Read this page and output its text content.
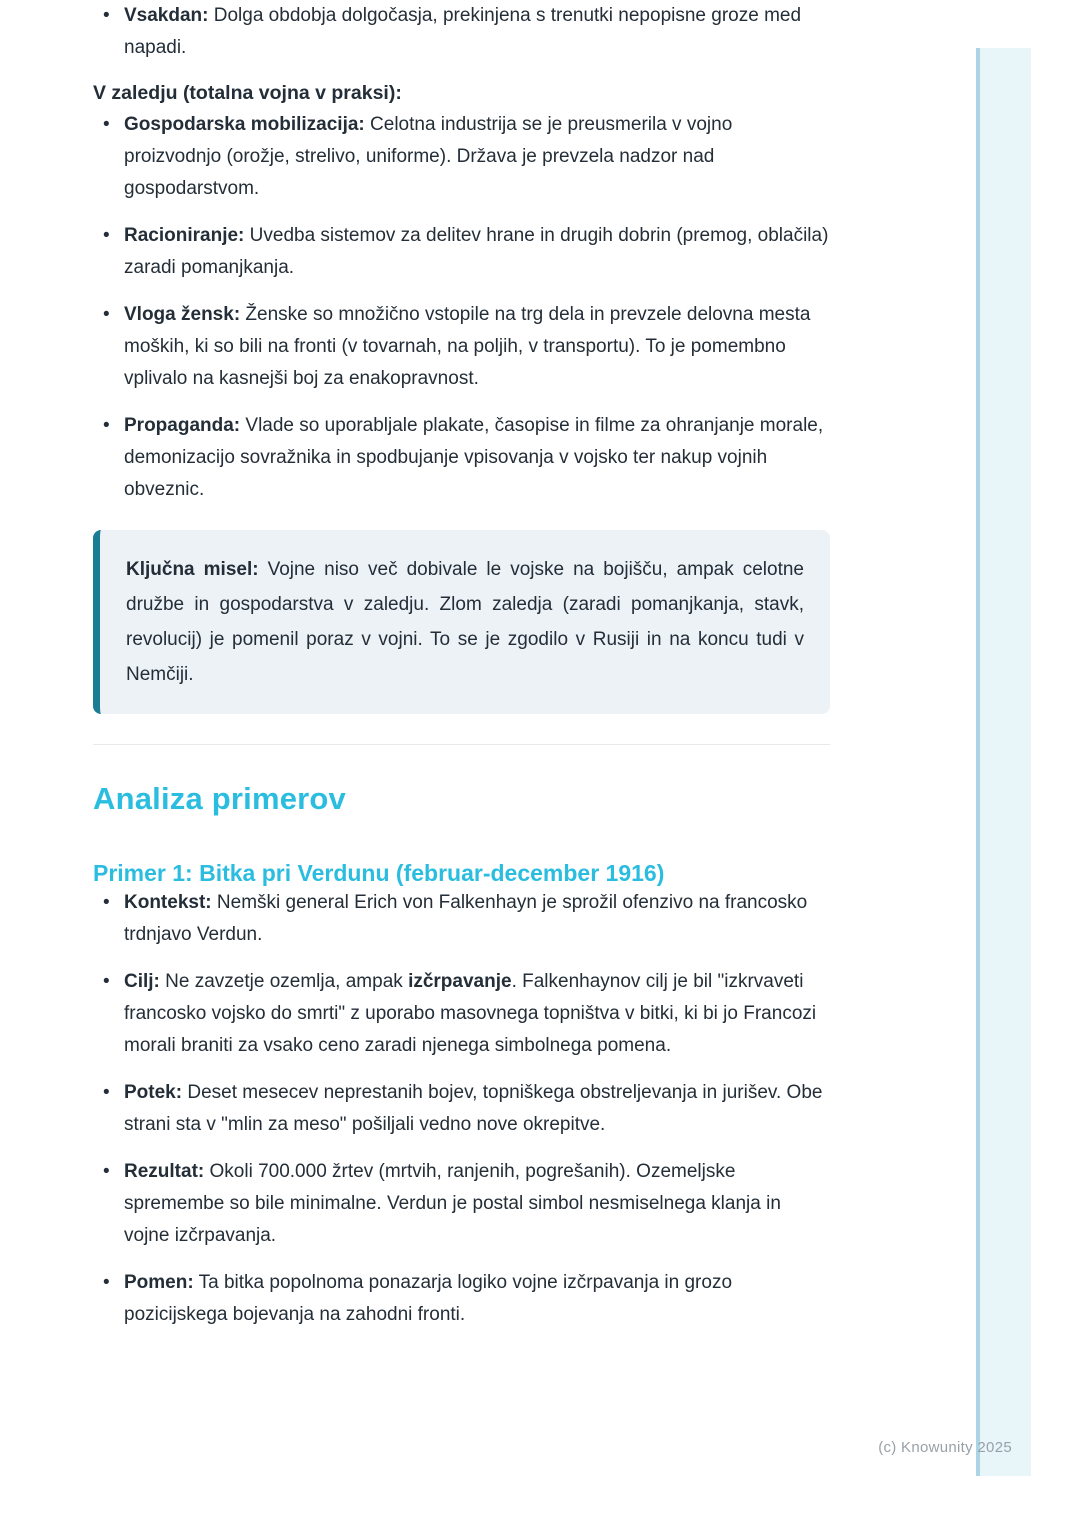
• Vsakdan: Dolga obdobja dolgočasja, prekinjena s trenutki nepopisne groze med napadi.

V zaledju (totalna vojna v praksi):

• Gospodarska mobilizacija: Celotna industrija se je preusmerila v vojno proizvodnjo (orožje, strelivo, uniforme). Država je prevzela nadzor nad gospodarstvom.
• Racioniranje: Uvedba sistemov za delitev hrane in drugih dobrin (premog, oblačila) zaradi pomanjkanja.
• Vloga žensk: Ženske so množično vstopile na trg dela in prevzele delovna mesta moških, ki so bili na fronti (v tovarnah, na poljih, v transportu). To je pomembno vplivalo na kasnejši boj za enakopravnost.
• Propaganda: Vlade so uporabljale plakate, časopise in filme za ohranjanje morale, demonizacijo sovražnika in spodbujanje vpisovanja v vojsko ter nakup vojnih obveznic.

Ključna misel: Vojne niso več dobivale le vojske na bojišču, ampak celotne družbe in gospodarstva v zaledju. Zlom zaledja (zaradi pomanjkanja, stavk, revolucij) je pomenil poraz v vojni. To se je zgodilo v Rusiji in na koncu tudi v Nemčiji.

Analiza primerov
Primer 1: Bitka pri Verdunu (februar-december 1916)
• Kontekst: Nemški general Erich von Falkenhayn je sprožil ofenzivo na francosko trdnjavo Verdun.
• Cilj: Ne zavzetje ozemlja, ampak izčrpavanje. Falkenhaynov cilj je bil "izkrvaveti francosko vojsko do smrti" z uporabo masovnega topništva v bitki, ki bi jo Francozi morali braniti za vsako ceno zaradi njenega simbolnega pomena.
• Potek: Deset mesecev neprestanih bojev, topniškega obstreljevanja in jurišev. Obe strani sta v "mlin za meso" pošiljali vedno nove okrepitve.
• Rezultat: Okoli 700.000 žrtev (mrtvih, ranjenih, pogrešanih). Ozemeljske spremembe so bile minimalne. Verdun je postal simbol nesmiselnega klanja in vojne izčrpavanja.
• Pomen: Ta bitka popolnoma ponazarja logiko vojne izčrpavanja in grozo pozicijskega bojevanja na zahodni fronti.
(c) Knowunity 2025
